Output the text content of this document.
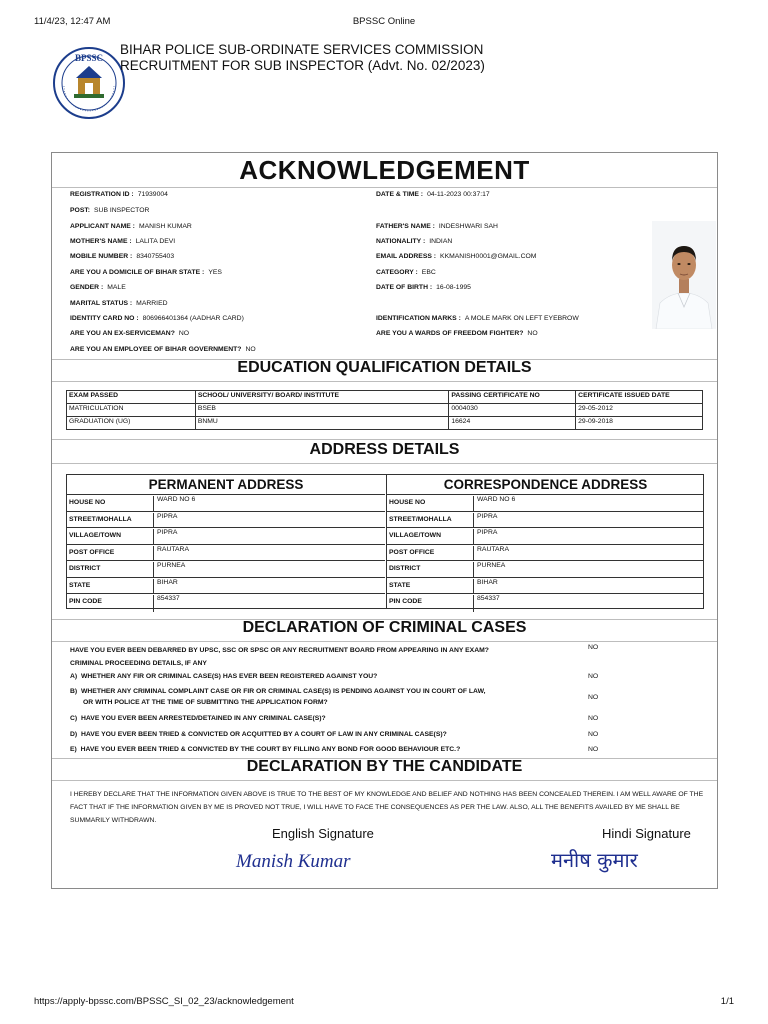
11/4/23, 12:47 AM	BPSSC Online
BPSSC
BIHAR POLICE SUB-ORDINATE SERVICES COMMISSION
RECRUITMENT FOR SUB INSPECTOR (Advt. No. 02/2023)
ACKNOWLEDGEMENT
REGISTRATION ID : 71939004	DATE & TIME : 04-11-2023 00:37:17
POST: SUB INSPECTOR
APPLICANT NAME : MANISH KUMAR	FATHER'S NAME : INDESHWARI SAH
MOTHER'S NAME : LALITA DEVI	NATIONALITY : INDIAN
MOBILE NUMBER : 8340755403	EMAIL ADDRESS : KKMANISH0001@GMAIL.COM
ARE YOU A DOMICILE OF BIHAR STATE : YES	CATEGORY : EBC
GENDER : MALE	DATE OF BIRTH : 16-08-1995
MARITAL STATUS : MARRIED
IDENTITY CARD NO : 806966401364 (AADHAR CARD)	IDENTIFICATION MARKS : A MOLE MARK ON LEFT EYEBROW
ARE YOU AN EX-SERVICEMAN? NO	ARE YOU A WARDS OF FREEDOM FIGHTER? NO
ARE YOU AN EMPLOYEE OF BIHAR GOVERNMENT? NO
EDUCATION QUALIFICATION DETAILS
EXAM PASSED	SCHOOL/ UNIVERSITY/ BOARD/ INSTITUTE	PASSING CERTIFICATE NO	CERTIFICATE ISSUED DATE
MATRICULATION	BSEB	0004030	29-05-2012
GRADUATION (UG)	BNMU	16624	29-09-2018
ADDRESS DETAILS
PERMANENT ADDRESS
HOUSE NO	WARD NO 6
STREET/MOHALLA	PIPRA
VILLAGE/TOWN	PIPRA
POST OFFICE	RAUTARA
DISTRICT	PURNEA
STATE	BIHAR
PIN CODE	854337
CORRESPONDENCE ADDRESS
HOUSE NO	WARD NO 6
STREET/MOHALLA	PIPRA
VILLAGE/TOWN	PIPRA
POST OFFICE	RAUTARA
DISTRICT	PURNEA
STATE	BIHAR
PIN CODE	854337
DECLARATION OF CRIMINAL CASES
HAVE YOU EVER BEEN DEBARRED BY UPSC, SSC OR SPSC OR ANY RECRUITMENT BOARD FROM APPEARING IN ANY EXAM?	NO
CRIMINAL PROCEEDING DETAILS, IF ANY
A) WHETHER ANY FIR OR CRIMINAL CASE(S) HAS EVER BEEN REGISTERED AGAINST YOU?	NO
B) WHETHER ANY CRIMINAL COMPLAINT CASE OR FIR OR CRIMINAL CASE(S) IS PENDING AGAINST YOU IN COURT OF LAW,
OR WITH POLICE AT THE TIME OF SUBMITTING THE APPLICATION FORM?
NO
C) HAVE YOU EVER BEEN ARRESTED/DETAINED IN ANY CRIMINAL CASE(S)?	NO
D) HAVE YOU EVER BEEN TRIED & CONVICTED OR ACQUITTED BY A COURT OF LAW IN ANY CRIMINAL CASE(S)?	NO
E) HAVE YOU EVER BEEN TRIED & CONVICTED BY THE COURT BY FILLING ANY BOND FOR GOOD BEHAVIOUR ETC.?	NO
DECLARATION BY THE CANDIDATE
I HEREBY DECLARE THAT THE INFORMATION GIVEN ABOVE IS TRUE TO THE BEST OF MY KNOWLEDGE AND BELIEF AND NOTHING HAS BEEN CONCEALED THEREIN. I AM WELL AWARE OF THE FACT THAT IF THE INFORMATION GIVEN BY ME IS PROVED NOT TRUE, I WILL HAVE TO FACE THE CONSEQUENCES AS PER THE LAW. ALSO, ALL THE BENEFITS AVAILED BY ME SHALL BE SUMMARILY WITHDRAWN.
English Signature	Hindi Signature
Manish Kumar	मनीष कुमार
https://apply-bpssc.com/BPSSC_SI_02_23/acknowledgement	1/1
